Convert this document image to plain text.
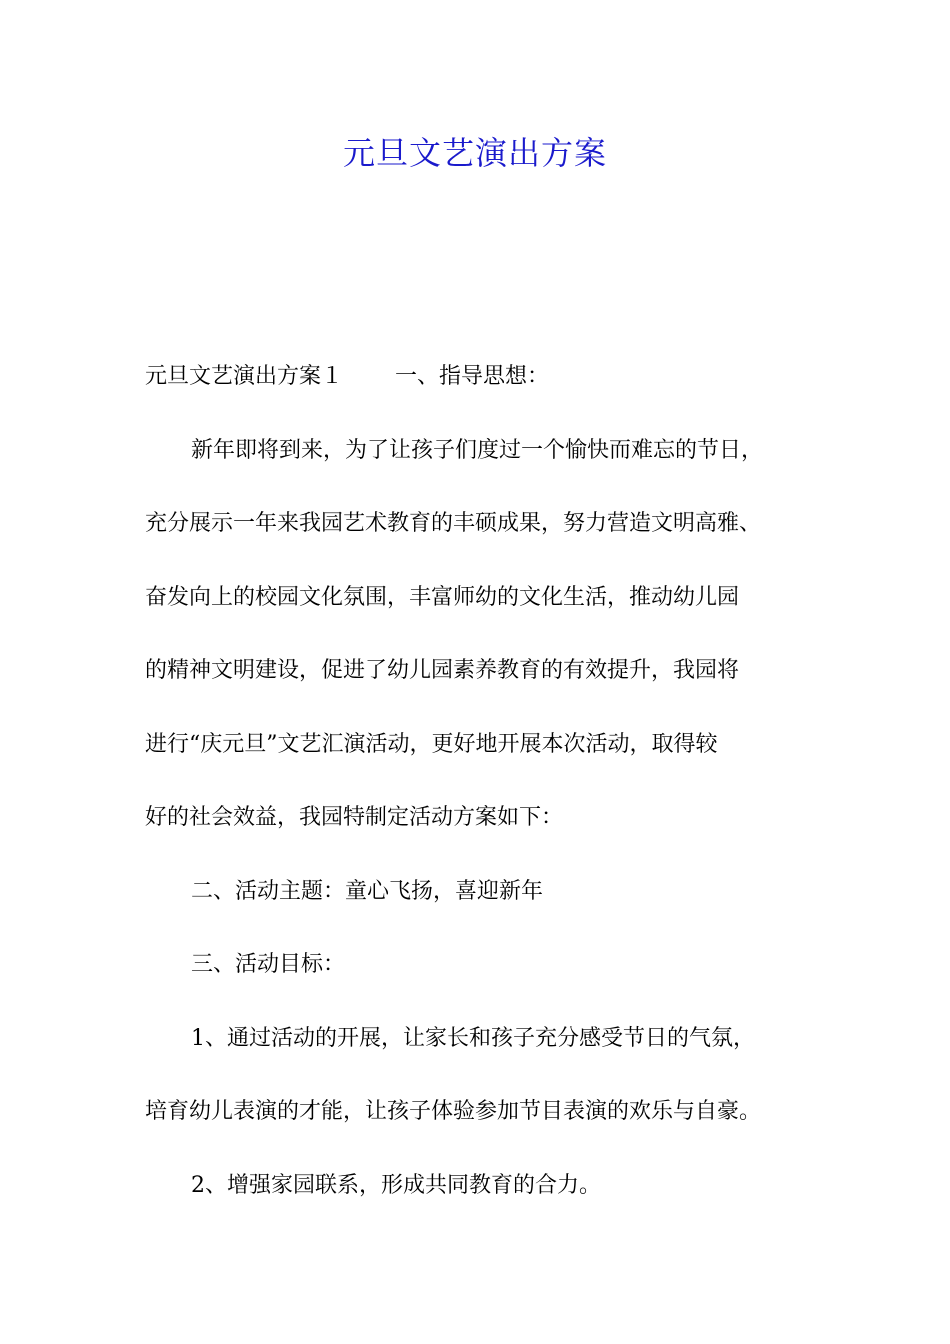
元旦文艺演出方案
元旦文艺演出方案１ 一、指导思想：
新年即将到来，为了让孩子们度过一个愉快而难忘的节日，
充分展示一年来我园艺术教育的丰硕成果，努力营造文明高雅、
奋发向上的校园文化氛围，丰富师幼的文化生活，推动幼儿园
的精神文明建设，促进了幼儿园素养教育的有效提升，我园将
进行“庆元旦”文艺汇演活动，更好地开展本次活动，取得较
好的社会效益，我园特制定活动方案如下：
二、活动主题：童心飞扬，喜迎新年
三、活动目标：
1、通过活动的开展，让家长和孩子充分感受节日的气氛，
培育幼儿表演的才能，让孩子体验参加节目表演的欢乐与自豪。
2、增强家园联系，形成共同教育的合力。
